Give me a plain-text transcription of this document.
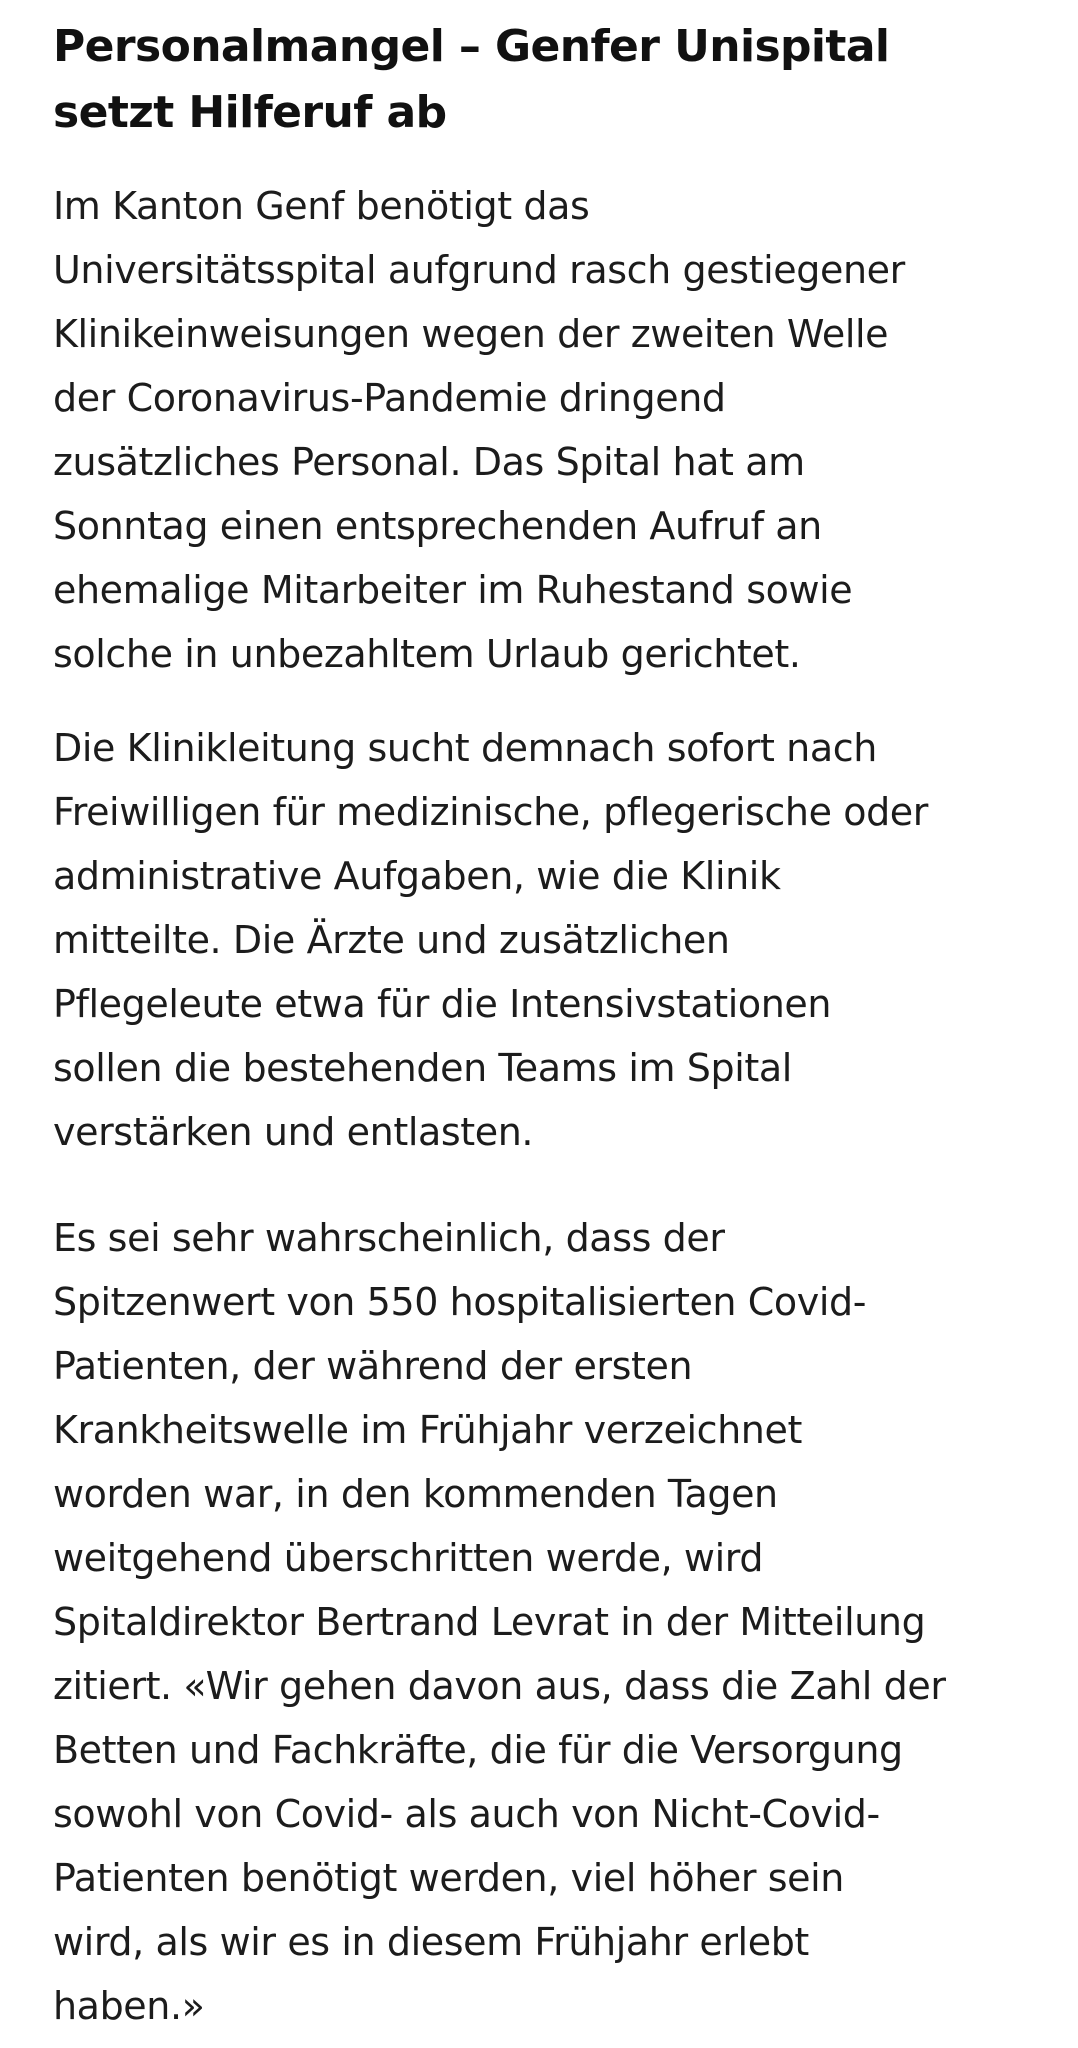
Personalmangel – Genfer Unispital
setzt Hilferuf ab

Im Kanton Genf benötigt das
Universitätsspital aufgrund rasch gestiegener
Klinikeinweisungen wegen der zweiten Welle
der Coronavirus-Pandemie dringend
zusätzliches Personal. Das Spital hat am
Sonntag einen entsprechenden Aufruf an
ehemalige Mitarbeiter im Ruhestand sowie
solche in unbezahltem Urlaub gerichtet.

Die Klinikleitung sucht demnach sofort nach
Freiwilligen für medizinische, pflegerische oder
administrative Aufgaben, wie die Klinik
mitteilte. Die Ärzte und zusätzlichen
Pflegeleute etwa für die Intensivstationen
sollen die bestehenden Teams im Spital
verstärken und entlasten.

Es sei sehr wahrscheinlich, dass der
Spitzenwert von 550 hospitalisierten Covid-
Patienten, der während der ersten
Krankheitswelle im Frühjahr verzeichnet
worden war, in den kommenden Tagen
weitgehend überschritten werde, wird
Spitaldirektor Bertrand Levrat in der Mitteilung
zitiert. «Wir gehen davon aus, dass die Zahl der
Betten und Fachkräfte, die für die Versorgung
sowohl von Covid- als auch von Nicht-Covid-
Patienten benötigt werden, viel höher sein
wird, als wir es in diesem Frühjahr erlebt
haben.»
